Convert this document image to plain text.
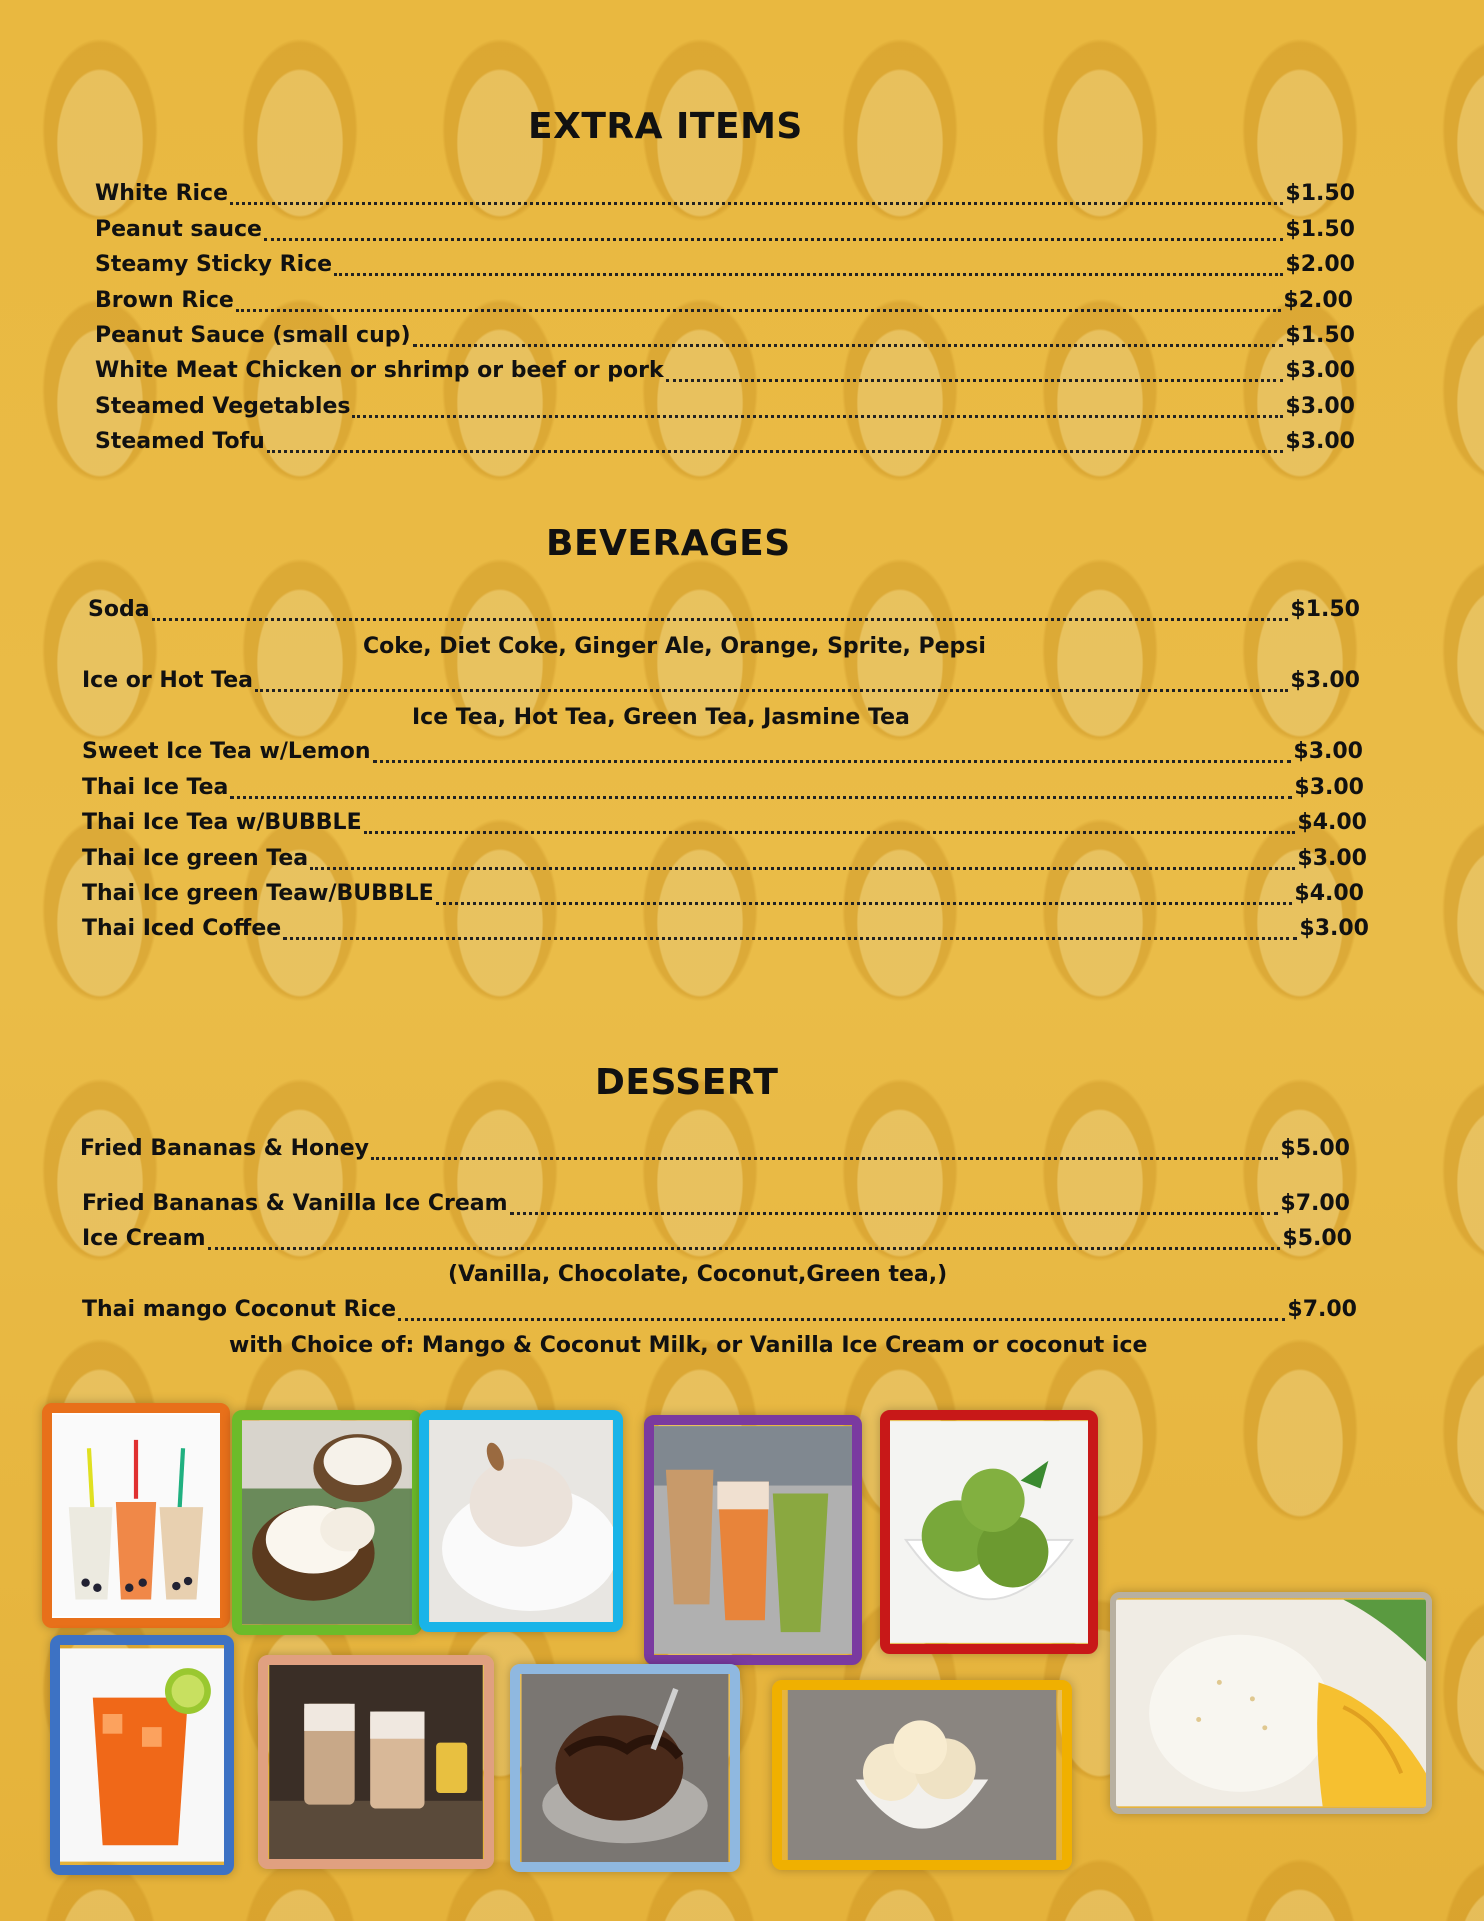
EXTRA ITEMS
White Rice	$1.50
Peanut sauce	$1.50
Steamy Sticky Rice	$2.00
Brown Rice	$2.00
Peanut Sauce (small cup)	$1.50
White Meat Chicken or shrimp or beef or pork	$3.00
Steamed Vegetables	$3.00
Steamed Tofu	$3.00
BEVERAGES
Soda	$1.50
Coke, Diet Coke, Ginger Ale, Orange, Sprite, Pepsi
Ice or Hot Tea	$3.00
Ice Tea, Hot Tea, Green Tea, Jasmine Tea
Sweet Ice Tea w/Lemon	$3.00
Thai Ice Tea	$3.00
Thai Ice Tea w/BUBBLE	$4.00
Thai Ice green Tea	$3.00
Thai Ice green Teaw/BUBBLE	$4.00
Thai Iced Coffee	$3.00
DESSERT
Fried Bananas & Honey	$5.00
Fried Bananas & Vanilla Ice Cream	$7.00
Ice Cream	$5.00
(Vanilla, Chocolate, Coconut,Green tea,)
Thai mango Coconut Rice	$7.00
with Choice of: Mango & Coconut Milk, or Vanilla Ice Cream or coconut ice
